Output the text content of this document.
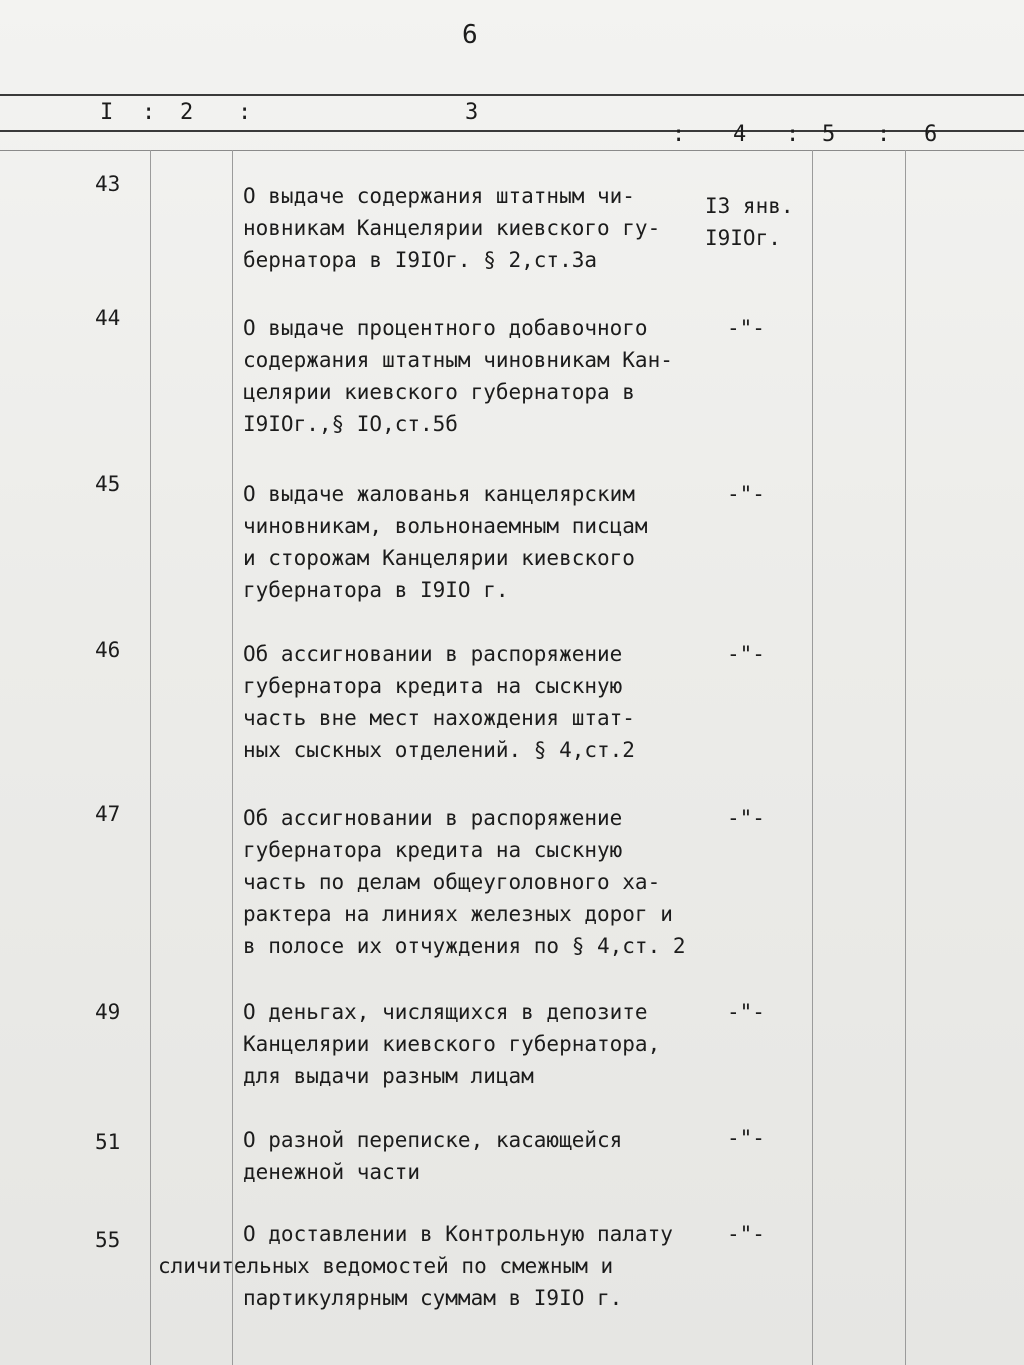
6
I : 2 :	3
: 4 : 5 : 6
43	О выдаче содержания штатным чи-
новникам Канцелярии киевского гу-
бернатора в I9IOг. § 2,ст.3а
I3 янв.
I9IOг.
44	О выдаче процентного добавочного
содержания штатным чиновникам Кан-
целярии киевского губернатора в
I9IOг.,§ IO,ст.5б
-"-
45	О выдаче жалованья канцелярским
чиновникам, вольнонаемным писцам
и сторожам Канцелярии киевского
губернатора в I9IO г.
-"-
46	Об ассигновании в распоряжение
губернатора кредита на сыскную
часть вне мест нахождения штат-
ных сыскных отделений. § 4,ст.2
-"-
47	Об ассигновании в распоряжение
губернатора кредита на сыскную
часть по делам общеуголовного ха-
рактера на линиях железных дорог и
в полосе их отчуждения по § 4,ст. 2
-"-
49	О деньгах, числящихся в депозите
Канцелярии киевского губернатора,
для выдачи разным лицам
-"-
51	О разной переписке, касающейся
денежной части
-"-
55	О доставлении в Контрольную палату
сличительных ведомостей по смежным и
партикулярным суммам в I9IO г.
-"-
